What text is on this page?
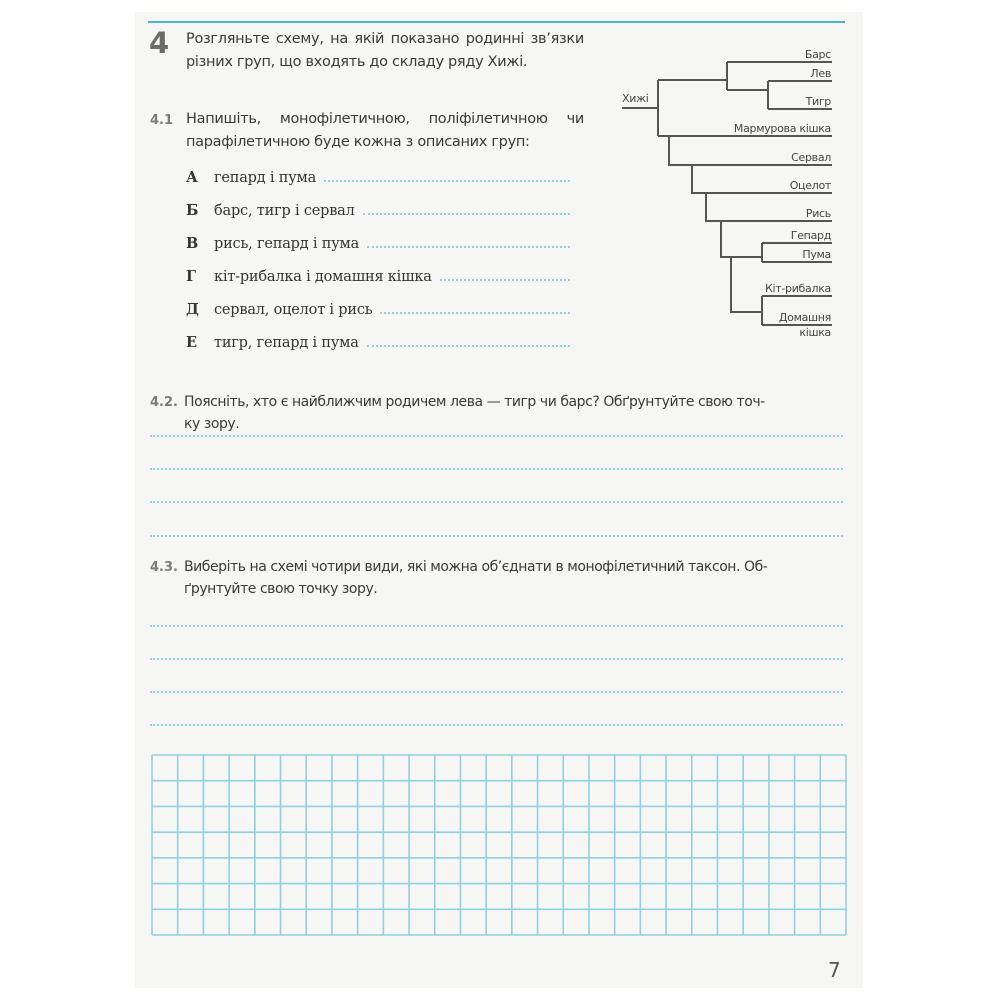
4 Розгляньте схему, на якій показано родинні зв’язки різних груп, що входять до складу ряду Хижі.
4.1 Напишіть, монофілетичною, поліфілетичною чи парафілетичною буде кожна з описаних груп:
А	гепард і пума
Б	барс, тигр і сервал
В	рись, гепард і пума
Г	кіт-рибалка і домашня кішка
Д	сервал, оцелот і рись
Е	тигр, гепард і пума
Хижі
Барс
Лев
Тигр
Мармурова кішка
Сервал
Оцелот
Рись
Гепард
Пума
Кіт-рибалка
Домашня
кішка
4.2. Поясніть, хто є найближчим родичем лева — тигр чи барс? Обґрунтуйте свою точ-
ку зору.
4.3. Виберіть на схемі чотири види, які можна об’єднати в монофілетичний таксон. Об-
ґрунтуйте свою точку зору.
7
